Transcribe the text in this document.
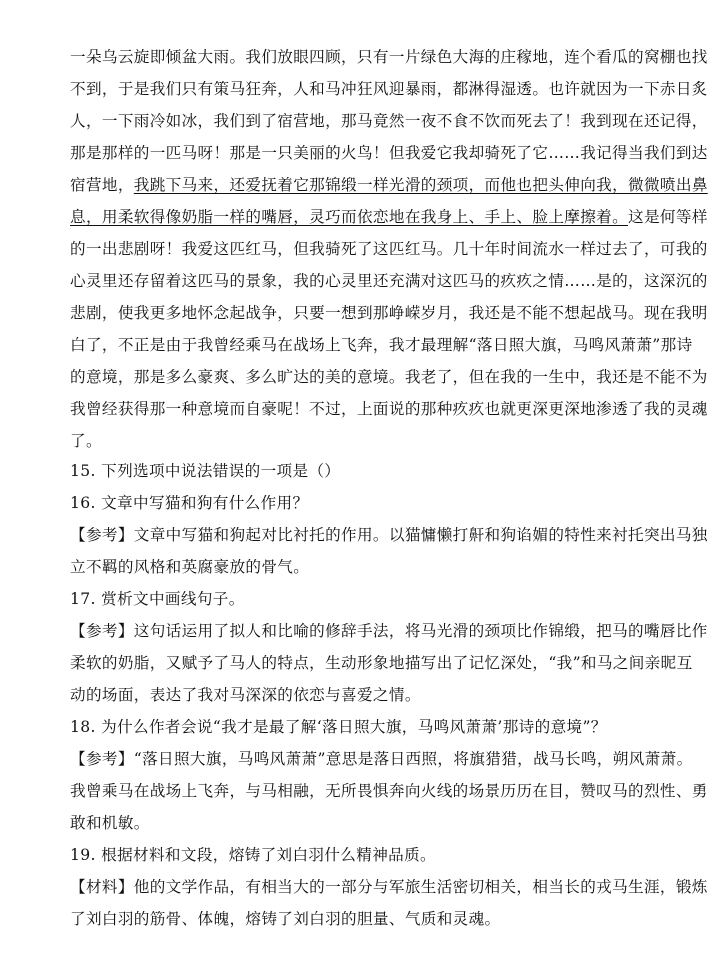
一朵乌云旋即倾盆大雨。我们放眼四顾，只有一片绿色大海的庄稼地，连个看瓜的窝棚也找
不到，于是我们只有策马狂奔，人和马冲狂风迎暴雨，都淋得湿透。也许就因为一下赤日炙
人，一下雨冷如冰，我们到了宿营地，那马竟然一夜不食不饮而死去了！我到现在还记得，
那是那样的一匹马呀！那是一只美丽的火鸟！但我爱它我却骑死了它……我记得当我们到达
宿营地，我跳下马来，还爱抚着它那锦缎一样光滑的颈项，而他也把头伸向我，微微喷出鼻
息，用柔软得像奶脂一样的嘴唇，灵巧而依恋地在我身上、手上、脸上摩擦着。这是何等样
的一出悲剧呀！我爱这匹红马，但我骑死了这匹红马。几十年时间流水一样过去了，可我的
心灵里还存留着这匹马的景象，我的心灵里还充满对这匹马的疚疚之情……是的，这深沉的
悲剧，使我更多地怀念起战争，只要一想到那峥嵘岁月，我还是不能不想起战马。现在我明
白了，不正是由于我曾经乘马在战场上飞奔，我才最理解“落日照大旗，马鸣风萧萧”那诗
的意境，那是多么豪爽、多么旷达的美的意境。我老了，但在我的一生中，我还是不能不为
我曾经获得那一种意境而自豪呢！不过，上面说的那种疚疚也就更深更深地渗透了我的灵魂
了。
15. 下列选项中说法错误的一项是（）
16. 文章中写猫和狗有什么作用？
【参考】文章中写猫和狗起对比衬托的作用。以猫慵懒打鼾和狗谄媚的特性来衬托突出马独
立不羁的风格和英腐豪放的骨气。
17. 赏析文中画线句子。
【参考】这句话运用了拟人和比喻的修辞手法，将马光滑的颈项比作锦缎，把马的嘴唇比作
柔软的奶脂，又赋予了马人的特点，生动形象地描写出了记忆深处，“我”和马之间亲昵互
动的场面，表达了我对马深深的依恋与喜爱之情。
18. 为什么作者会说“我才是最了解‘落日照大旗，马鸣风萧萧’那诗的意境”？
【参考】“落日照大旗，马鸣风萧萧”意思是落日西照，将旗猎猎，战马长鸣，朔风萧萧。
我曾乘马在战场上飞奔，与马相融，无所畏惧奔向火线的场景历历在目，赞叹马的烈性、勇
敢和机敏。
19. 根据材料和文段，熔铸了刘白羽什么精神品质。
【材料】他的文学作品，有相当大的一部分与军旅生活密切相关，相当长的戎马生涯，锻炼
了刘白羽的筋骨、体魄，熔铸了刘白羽的胆量、气质和灵魂。
